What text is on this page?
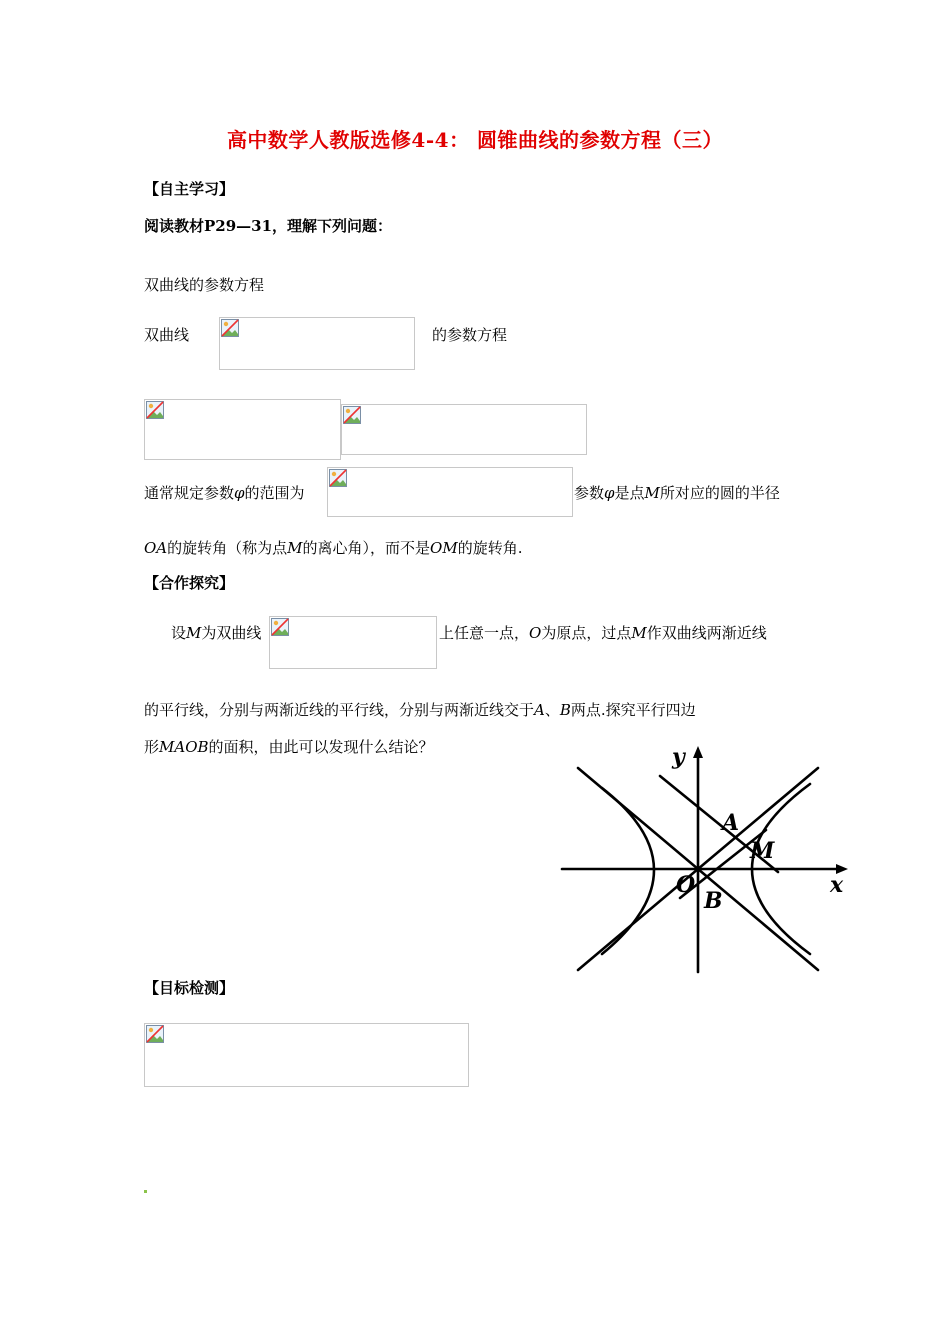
高中数学人教版选修4-4： 圆锥曲线的参数方程（三）
【自主学习】
阅读教材P29—31，理解下列问题：
双曲线的参数方程
双曲线	的参数方程
通常规定参数φ的范围为	参数φ是点M所对应的圆的半径
OA的旋转角（称为点M的离心角），而不是OM的旋转角.
【合作探究】
设M为双曲线	上任意一点，O为原点，过点M作双曲线两渐近线
的平行线，分别与两渐近线的平行线，分别与两渐近线交于A、B两点.探究平行四边
形MAOB的面积，由此可以发现什么结论？	y
x
A
M
O
B
【目标检测】
